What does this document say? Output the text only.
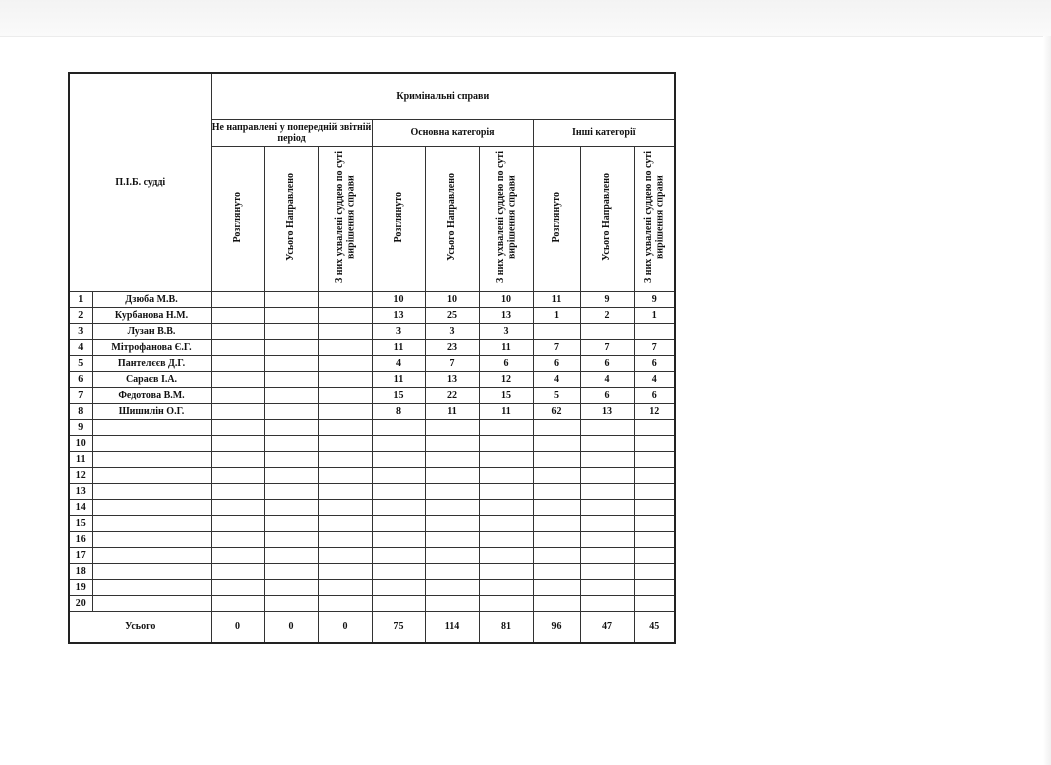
П.І.Б. судді		Кримінальні справи								
		Не направлені у попередній звітній період			Основна категорія			Інші категорії		
		Розглянуто	Усього Направлено	З них ухвалені суддею по суті вирішення справи	Розглянуто	Усього Направлено	З них ухвалені суддею по суті вирішення справи	Розглянуто	Усього Направлено	З них ухвалені суддею по суті вирішення справи
1	Дзюба М.В.				10	10	10	11	9	9
2	Курбанова Н.М.				13	25	13	1	2	1
3	Лузан В.В.				3	3	3			
4	Мітрофанова Є.Г.				11	23	11	7	7	7
5	Пантелєєв Д.Г.				4	7	6	6	6	6
6	Сараєв І.А.				11	13	12	4	4	4
7	Федотова В.М.				15	22	15	5	6	6
8	Шишилін О.Г.				8	11	11	62	13	12
9										
10										
11										
12										
13										
14										
15										
16										
17										
18										
19										
20										
Усього		0	0	0	75	114	81	96	47	45
